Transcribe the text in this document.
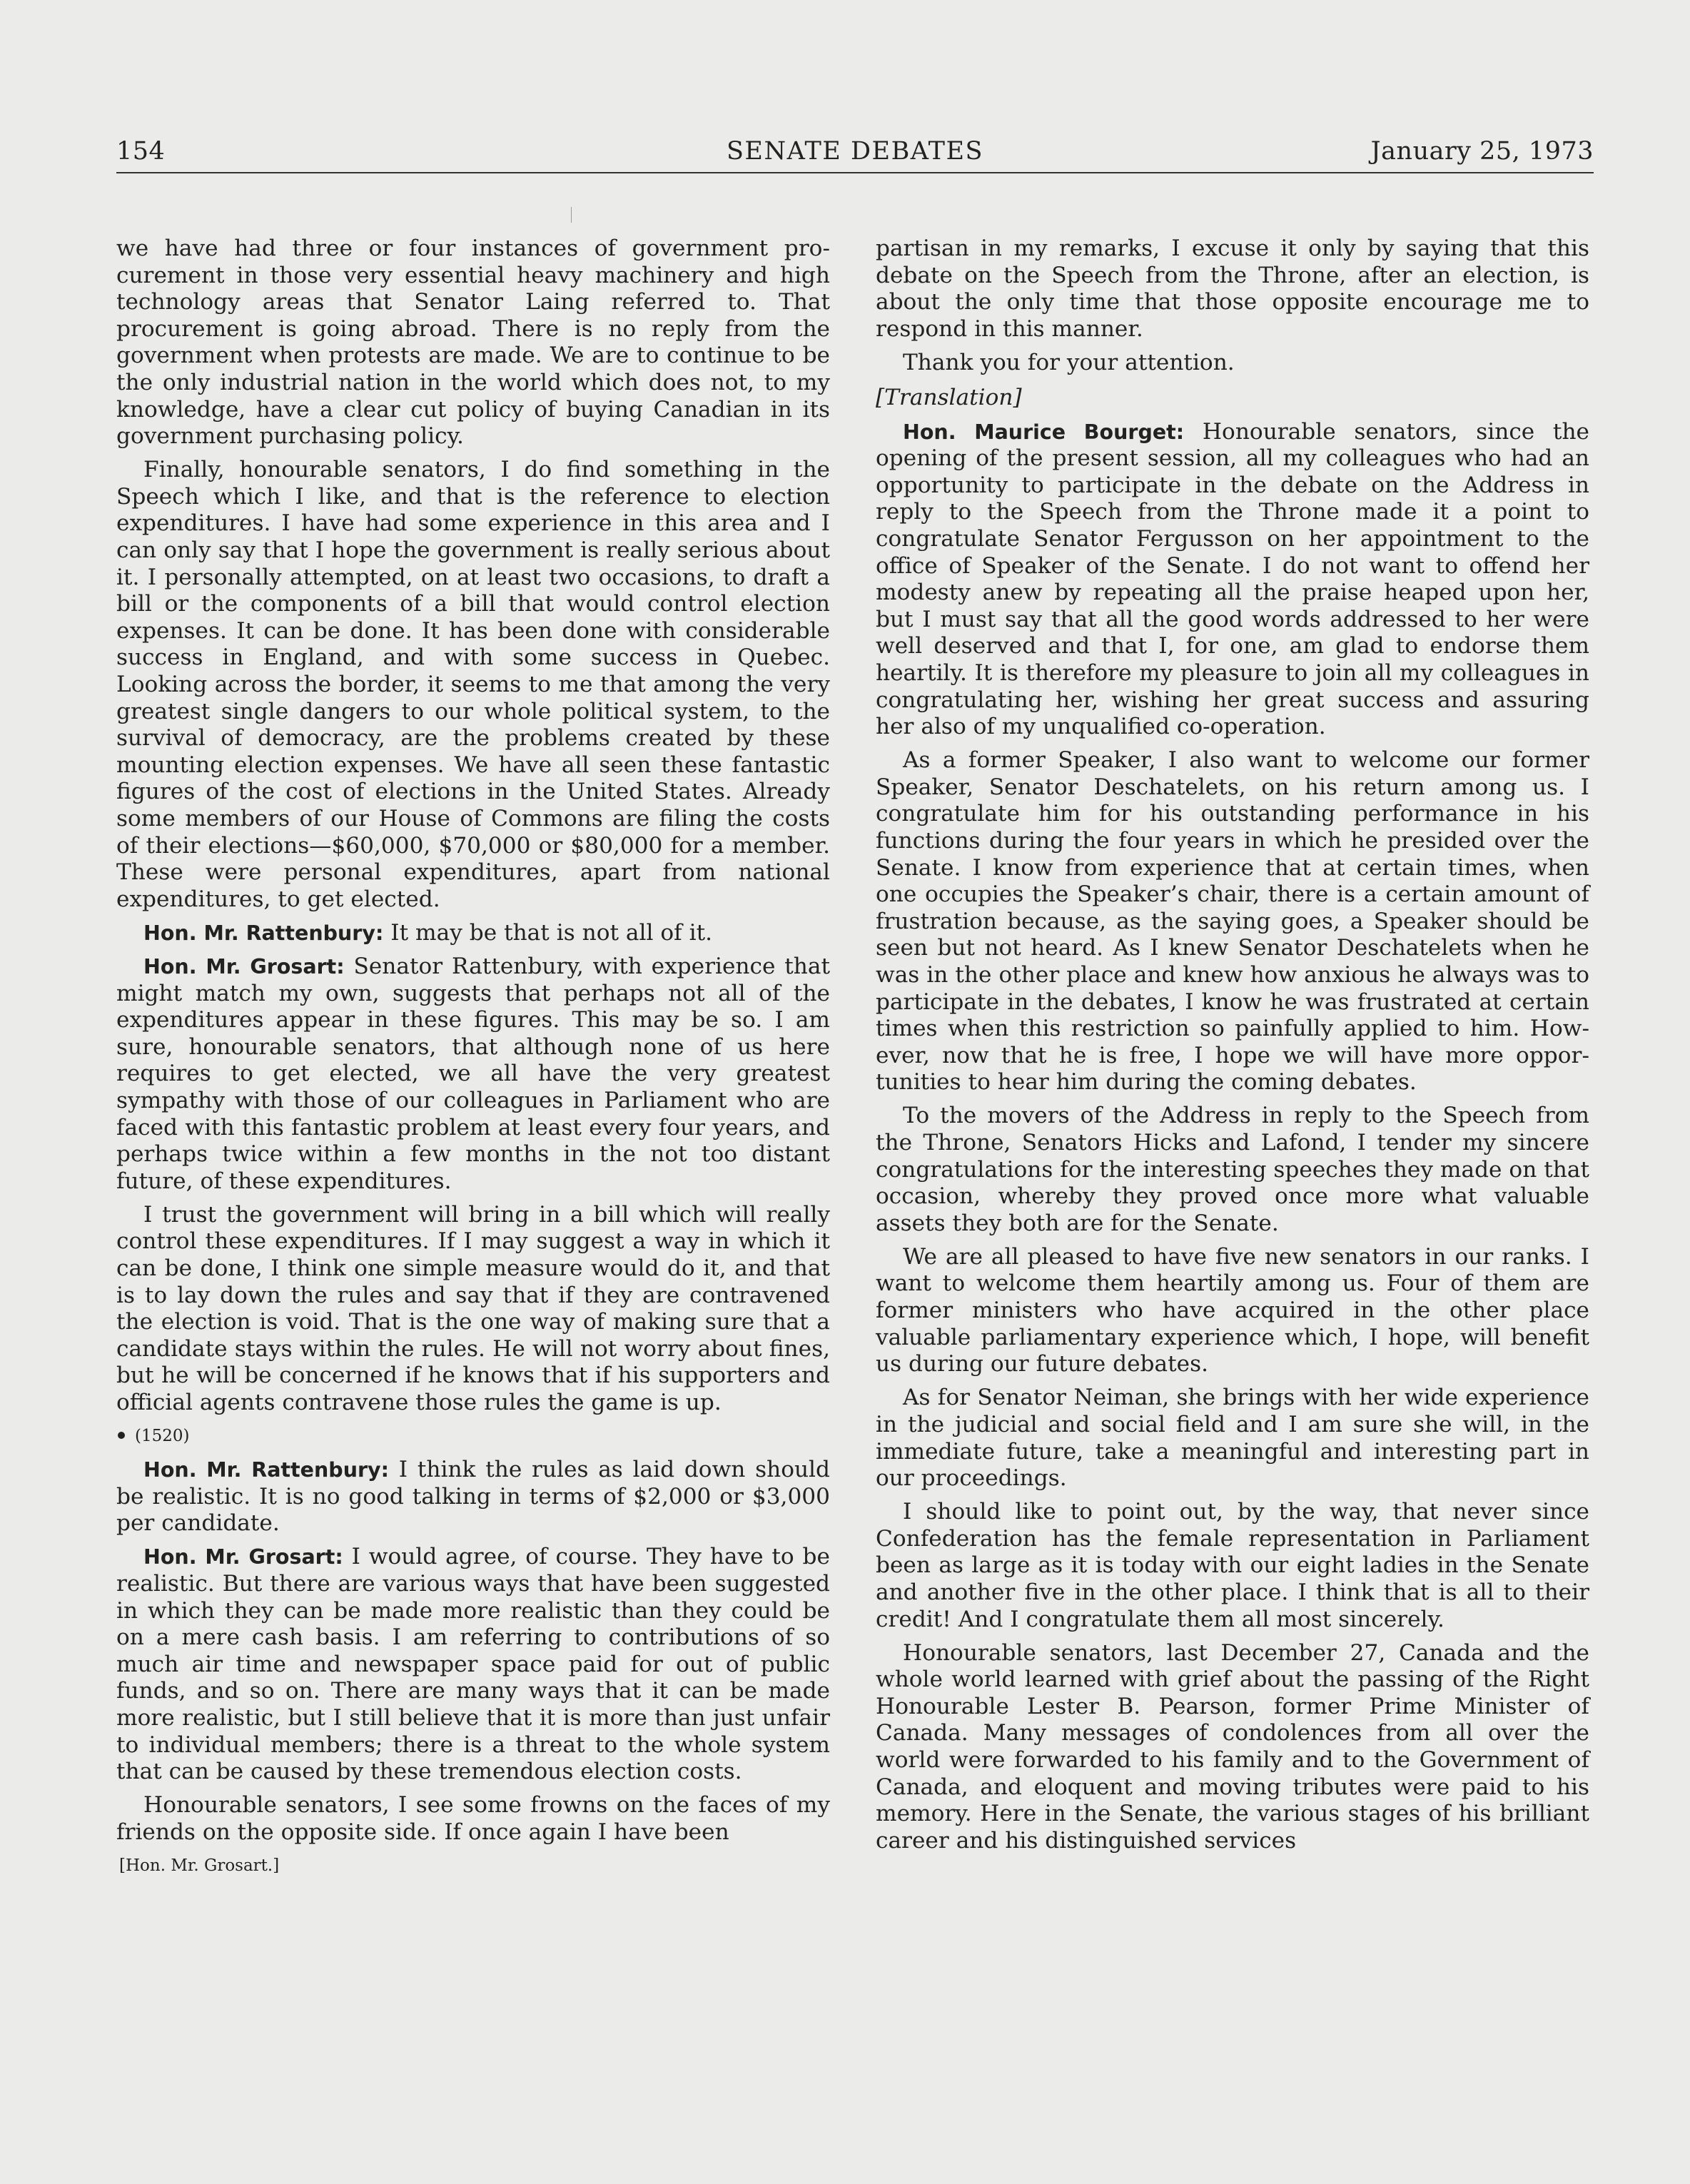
154	SENATE DEBATES	January 25, 1973

we have had three or four instances of government procurement in those very essential heavy machinery and high technology areas that Senator Laing referred to. That procurement is going abroad. There is no reply from the government when protests are made. We are to continue to be the only industrial nation in the world which does not, to my knowledge, have a clear cut policy of buying Canadian in its government purchasing policy.

Finally, honourable senators, I do find something in the Speech which I like, and that is the reference to election expenditures. I have had some experience in this area and I can only say that I hope the government is really serious about it. I personally attempted, on at least two occasions, to draft a bill or the components of a bill that would control election expenses. It can be done. It has been done with considerable success in England, and with some success in Quebec. Looking across the border, it seems to me that among the very greatest single dangers to our whole political system, to the survival of democracy, are the problems created by these mounting election expenses. We have all seen these fantastic figures of the cost of elections in the United States. Already some members of our House of Commons are filing the costs of their elections—$60,000, $70,000 or $80,000 for a member. These were personal expenditures, apart from national expenditures, to get elected.

Hon. Mr. Rattenbury: It may be that is not all of it.

Hon. Mr. Grosart: Senator Rattenbury, with experience that might match my own, suggests that perhaps not all of the expenditures appear in these figures. This may be so. I am sure, honourable senators, that although none of us here requires to get elected, we all have the very greatest sympathy with those of our colleagues in Parliament who are faced with this fantastic problem at least every four years, and perhaps twice within a few months in the not too distant future, of these expenditures.

I trust the government will bring in a bill which will really control these expenditures. If I may suggest a way in which it can be done, I think one simple measure would do it, and that is to lay down the rules and say that if they are contravened the election is void. That is the one way of making sure that a candidate stays within the rules. He will not worry about fines, but he will be concerned if he knows that if his supporters and official agents contravene those rules the game is up.

(1520)

Hon. Mr. Rattenbury: I think the rules as laid down should be realistic. It is no good talking in terms of $2,000 or $3,000 per candidate.

Hon. Mr. Grosart: I would agree, of course. They have to be realistic. But there are various ways that have been suggested in which they can be made more realistic than they could be on a mere cash basis. I am referring to contributions of so much air time and newspaper space paid for out of public funds, and so on. There are many ways that it can be made more realistic, but I still believe that it is more than just unfair to individual members; there is a threat to the whole system that can be caused by these tremendous election costs.

Honourable senators, I see some frowns on the faces of my friends on the opposite side. If once again I have been

[Hon. Mr. Grosart.]

partisan in my remarks, I excuse it only by saying that this debate on the Speech from the Throne, after an election, is about the only time that those opposite encourage me to respond in this manner.

Thank you for your attention.

[Translation]

Hon. Maurice Bourget: Honourable senators, since the opening of the present session, all my colleagues who had an opportunity to participate in the debate on the Address in reply to the Speech from the Throne made it a point to congratulate Senator Fergusson on her appointment to the office of Speaker of the Senate. I do not want to offend her modesty anew by repeating all the praise heaped upon her, but I must say that all the good words addressed to her were well deserved and that I, for one, am glad to endorse them heartily. It is therefore my pleasure to join all my colleagues in congratulating her, wishing her great success and assuring her also of my unqualified co-operation.

As a former Speaker, I also want to welcome our former Speaker, Senator Deschatelets, on his return among us. I congratulate him for his outstanding performance in his functions during the four years in which he presided over the Senate. I know from experience that at certain times, when one occupies the Speaker’s chair, there is a certain amount of frustration because, as the saying goes, a Speaker should be seen but not heard. As I knew Senator Deschatelets when he was in the other place and knew how anxious he always was to participate in the debates, I know he was frustrated at certain times when this restriction so painfully applied to him. However, now that he is free, I hope we will have more opportunities to hear him during the coming debates.

To the movers of the Address in reply to the Speech from the Throne, Senators Hicks and Lafond, I tender my sincere congratulations for the interesting speeches they made on that occasion, whereby they proved once more what valuable assets they both are for the Senate.

We are all pleased to have five new senators in our ranks. I want to welcome them heartily among us. Four of them are former ministers who have acquired in the other place valuable parliamentary experience which, I hope, will benefit us during our future debates.

As for Senator Neiman, she brings with her wide experience in the judicial and social field and I am sure she will, in the immediate future, take a meaningful and interesting part in our proceedings.

I should like to point out, by the way, that never since Confederation has the female representation in Parliament been as large as it is today with our eight ladies in the Senate and another five in the other place. I think that is all to their credit! And I congratulate them all most sincerely.

Honourable senators, last December 27, Canada and the whole world learned with grief about the passing of the Right Honourable Lester B. Pearson, former Prime Minister of Canada. Many messages of condolences from all over the world were forwarded to his family and to the Government of Canada, and eloquent and moving tributes were paid to his memory. Here in the Senate, the various stages of his brilliant career and his distinguished services
